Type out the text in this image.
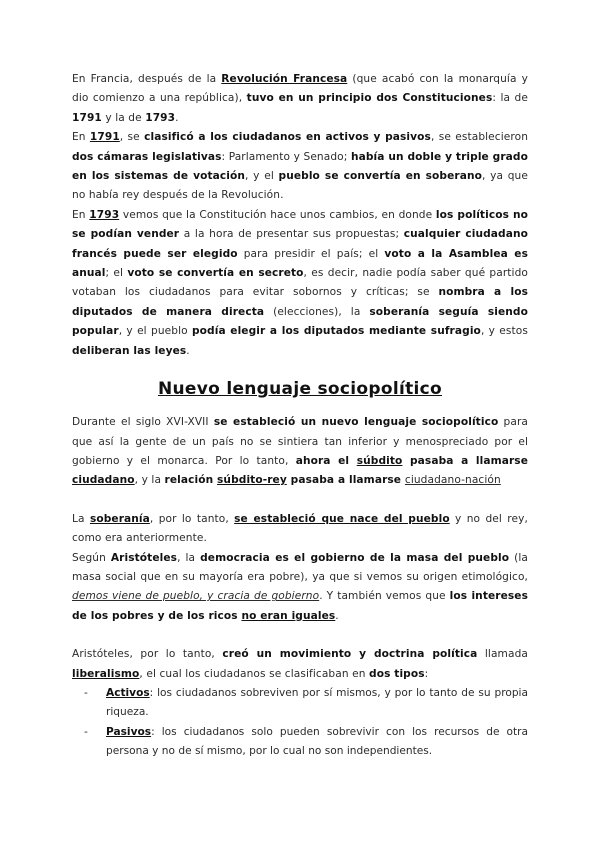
En Francia, después de la Revolución Francesa (que acabó con la monarquía y dio comienzo a una república), tuvo en un principio dos Constituciones: la de 1791 y la de 1793.

En 1791, se clasificó a los ciudadanos en activos y pasivos, se establecieron dos cámaras legislativas: Parlamento y Senado; había un doble y triple grado en los sistemas de votación, y el pueblo se convertía en soberano, ya que no había rey después de la Revolución.

En 1793 vemos que la Constitución hace unos cambios, en donde los políticos no se podían vender a la hora de presentar sus propuestas; cualquier ciudadano francés puede ser elegido para presidir el país; el voto a la Asamblea es anual; el voto se convertía en secreto, es decir, nadie podía saber qué partido votaban los ciudadanos para evitar sobornos y críticas; se nombra a los diputados de manera directa (elecciones), la soberanía seguía siendo popular, y el pueblo podía elegir a los diputados mediante sufragio, y estos deliberan las leyes.

Nuevo lenguaje sociopolítico

Durante el siglo XVI-XVII se estableció un nuevo lenguaje sociopolítico para que así la gente de un país no se sintiera tan inferior y menospreciado por el gobierno y el monarca. Por lo tanto, ahora el súbdito pasaba a llamarse ciudadano, y la relación súbdito-rey pasaba a llamarse ciudadano-nación

La soberanía, por lo tanto, se estableció que nace del pueblo y no del rey, como era anteriormente.

Según Aristóteles, la democracia es el gobierno de la masa del pueblo (la masa social que en su mayoría era pobre), ya que si vemos su origen etimológico, demos viene de pueblo, y cracia de gobierno. Y también vemos que los intereses de los pobres y de los ricos no eran iguales.

Aristóteles, por lo tanto, creó un movimiento y doctrina política llamada liberalismo, el cual los ciudadanos se clasificaban en dos tipos:

- Activos: los ciudadanos sobreviven por sí mismos, y por lo tanto de su propia riqueza.
- Pasivos: los ciudadanos solo pueden sobrevivir con los recursos de otra persona y no de sí mismo, por lo cual no son independientes.
